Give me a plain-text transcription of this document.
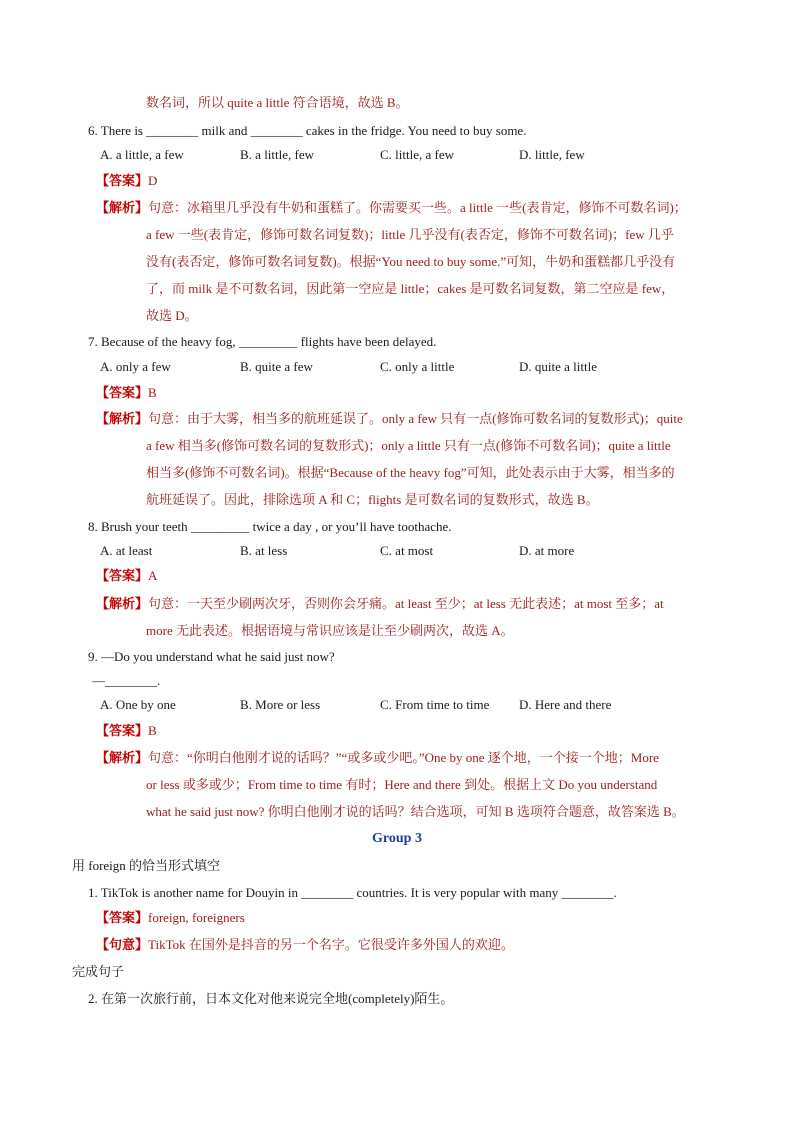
数名词，所以 quite a little 符合语境，故选 B。
6. There is ________ milk and ________ cakes in the fridge. You need to buy some.
A. a little, a few	B. a little, few	C. little, a few	D. little, few
【答案】D
【解析】句意：冰箱里几乎没有牛奶和蛋糕了。你需要买一些。a little 一些(表肯定，修饰不可数名词)；
a few 一些(表肯定，修饰可数名词复数)；little 几乎没有(表否定，修饰不可数名词)；few 几乎
没有(表否定，修饰可数名词复数)。根据“You need to buy some.”可知，牛奶和蛋糕都几乎没有
了，而 milk 是不可数名词，因此第一空应是 little；cakes 是可数名词复数，第二空应是 few，
故选 D。
7. Because of the heavy fog, _________ flights have been delayed.
A. only a few	B. quite a few	C. only a little	D. quite a little
【答案】B
【解析】句意：由于大雾，相当多的航班延误了。only a few 只有一点(修饰可数名词的复数形式)；quite
a few 相当多(修饰可数名词的复数形式)；only a little 只有一点(修饰不可数名词)；quite a little
相当多(修饰不可数名词)。根据“Because of the heavy fog”可知，此处表示由于大雾，相当多的
航班延误了。因此，排除选项 A 和 C；flights 是可数名词的复数形式，故选 B。
8. Brush your teeth _________ twice a day , or you’ll have toothache.
A. at least	B. at less	C. at most	D. at more
【答案】A
【解析】句意：一天至少刷两次牙，否则你会牙痛。at least 至少；at less 无此表述；at most 至多；at
more 无此表述。根据语境与常识应该是让至少刷两次，故选 A。
9. —Do you understand what he said just now?
—________.
A. One by one	B. More or less	C. From time to time D. Here and there
【答案】B
【解析】句意：“你明白他刚才说的话吗？”“或多或少吧。”One by one 逐个地，一个接一个地；More
or less 或多或少；From time to time 有时；Here and there 到处。根据上文 Do you understand
what he said just now? 你明白他刚才说的话吗？结合选项，可知 B 选项符合题意，故答案选 B。
Group 3
用 foreign 的恰当形式填空
1. TikTok is another name for Douyin in ________ countries. It is very popular with many ________.
【答案】foreign, foreigners
【句意】TikTok 在国外是抖音的另一个名字。它很受许多外国人的欢迎。
完成句子
2. 在第一次旅行前，日本文化对他来说完全地(completely)陌生。
